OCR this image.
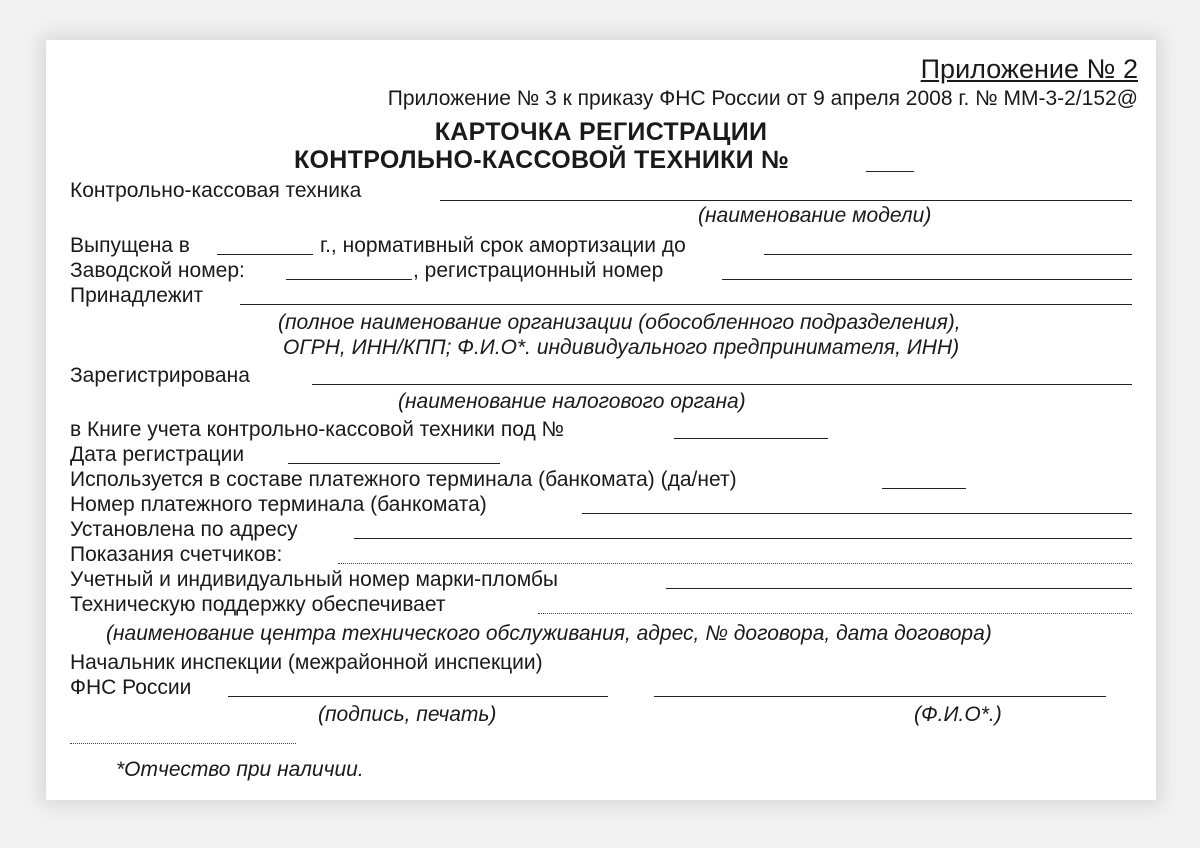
Приложение № 2
Приложение № 3 к приказу ФНС России от 9 апреля 2008 г. № ММ-3-2/152@
КАРТОЧКА РЕГИСТРАЦИИ
КОНТРОЛЬНО-КАССОВОЙ ТЕХНИКИ №
Контрольно-кассовая техника
(наименование модели)
Выпущена в	г., нормативный срок амортизации до
Заводской номер:	, регистрационный номер
Принадлежит
(полное наименование организации (обособленного подразделения),
ОГРН, ИНН/КПП; Ф.И.О*. индивидуального предпринимателя, ИНН)
Зарегистрирована
(наименование налогового органа)
в Книге учета контрольно-кассовой техники под №
Дата регистрации
Используется в составе платежного терминала (банкомата) (да/нет)
Номер платежного терминала (банкомата)
Установлена по адресу
Показания счетчиков:
Учетный и индивидуальный номер марки-пломбы
Техническую поддержку обеспечивает
(наименование центра технического обслуживания, адрес, № договора, дата договора)
Начальник инспекции (межрайонной инспекции)
ФНС России
(подпись, печать)	(Ф.И.О*.)
*Отчество при наличии.
